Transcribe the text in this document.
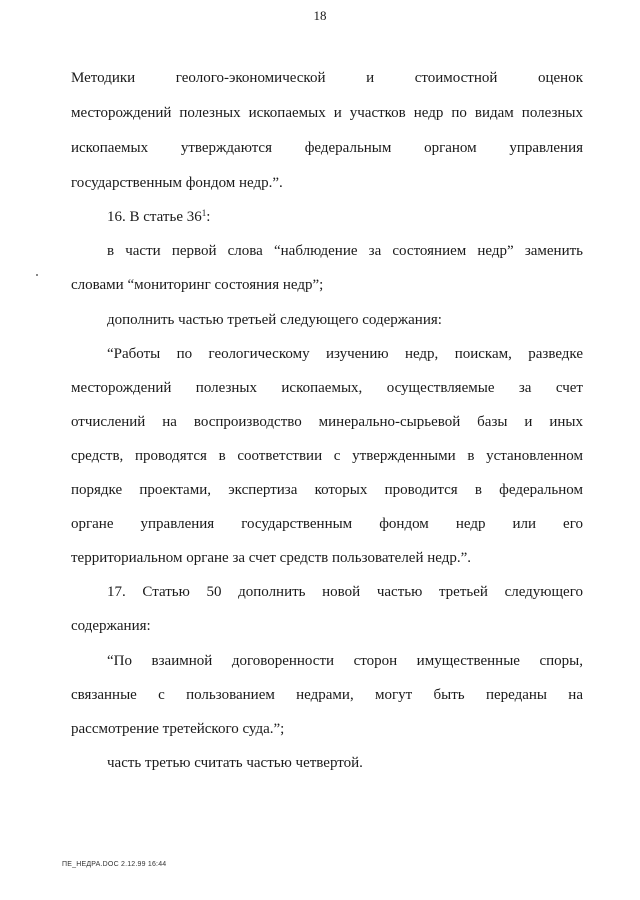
18
Методики геолого-экономической и стоимостной оценок
месторождений полезных ископаемых и участков недр по видам полезных
ископаемых утверждаются федеральным органом управления
государственным фондом недр.”.
16. В статье $36^1$:
в части первой слова “наблюдение за состоянием недр” заменить
словами “мониторинг состояния недр”;
дополнить частью третьей следующего содержания:
“Работы по геологическому изучению недр, поискам, разведке
месторождений полезных ископаемых, осуществляемые за счет
отчислений на воспроизводство минерально-сырьевой базы и иных
средств, проводятся в соответствии с утвержденными в установленном
порядке проектами, экспертиза которых проводится в федеральном
органе управления государственным фондом недр или его
территориальном органе за счет средств пользователей недр.”.
17. Статью 50 дополнить новой частью третьей следующего
содержания:
“По взаимной договоренности сторон имущественные споры,
связанные с пользованием недрами, могут быть переданы на
рассмотрение третейского суда.”;
часть третью считать частью четвертой.
ПЕ_НЕДРА.DOC 2.12.99 16:44
